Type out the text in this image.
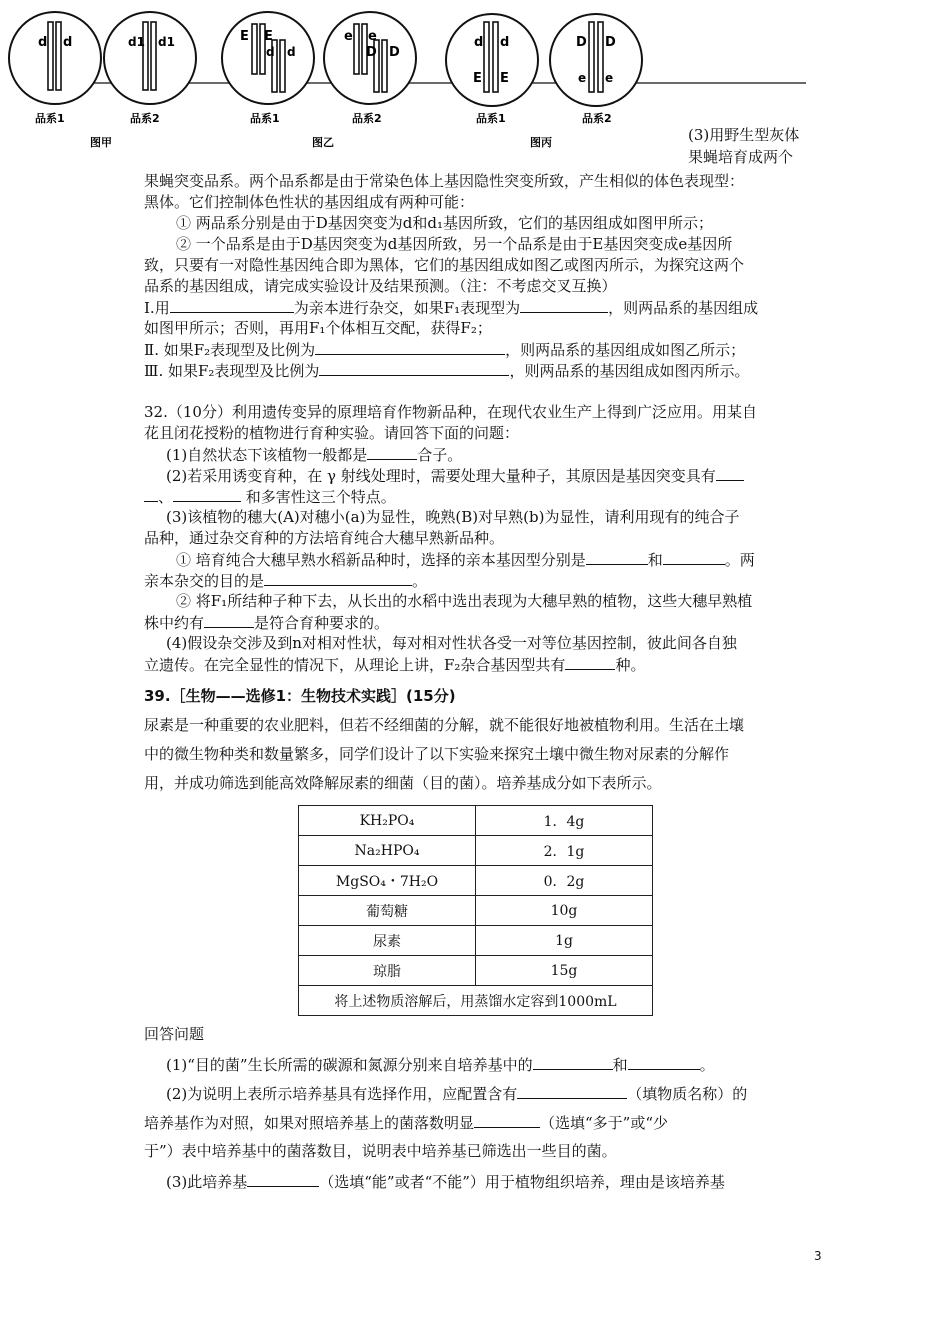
d d
品系1
d1 d1
品系2
E E
d d
品系1
e e
D D
品系2
d d
E E
品系1
D D
e e
品系2
图甲	图乙	图丙	(3)用野生型灰体果蝇培育成两个
果蝇突变品系。两个品系都是由于常染色体上基因隐性突变所致，产生相似的体色表现型：
黑体。它们控制体色性状的基因组成有两种可能：
① 两品系分别是由于D基因突变为d和d₁基因所致，它们的基因组成如图甲所示；
② 一个品系是由于D基因突变为d基因所致，另一个品系是由于E基因突变成e基因所
致，只要有一对隐性基因纯合即为黑体，它们的基因组成如图乙或图丙所示，为探究这两个
品系的基因组成，请完成实验设计及结果预测。（注：不考虑交叉互换）
Ⅰ.用	为亲本进行杂交，如果F₁表现型为	，则两品系的基因组成
如图甲所示；否则，再用F₁个体相互交配，获得F₂；
Ⅱ. 如果F₂表现型及比例为	，则两品系的基因组成如图乙所示；
Ⅲ. 如果F₂表现型及比例为	，则两品系的基因组成如图丙所示。
32.（10分）利用遗传变异的原理培育作物新品种，在现代农业生产上得到广泛应用。用某自
花且闭花授粉的植物进行育种实验。请回答下面的问题：
(1)自然状态下该植物一般都是	合子。
(2)若采用诱变育种，在 γ 射线处理时，需要处理大量种子，其原因是基因突变具有
、	和多害性这三个特点。
(3)该植物的穗大(A)对穗小(a)为显性，晚熟(B)对早熟(b)为显性，请利用现有的纯合子
品种，通过杂交育种的方法培育纯合大穗早熟新品种。
① 培育纯合大穗早熟水稻新品种时，选择的亲本基因型分别是	和	。两
亲本杂交的目的是	。
② 将F₁所结种子种下去，从长出的水稻中选出表现为大穗早熟的植物，这些大穗早熟植
株中约有	是符合育种要求的。
(4)假设杂交涉及到n对相对性状，每对相对性状各受一对等位基因控制，彼此间各自独
立遗传。在完全显性的情况下，从理论上讲，F₂杂合基因型共有	种。
39.［生物——选修1：生物技术实践］(15分)
尿素是一种重要的农业肥料，但若不经细菌的分解，就不能很好地被植物利用。生活在土壤
中的微生物种类和数量繁多，同学们设计了以下实验来探究土壤中微生物对尿素的分解作
用，并成功筛选到能高效降解尿素的细菌（目的菌）。培养基成分如下表所示。
KH₂PO₄	1．4g
Na₂HPO₄	2．1g
MgSO₄・7H₂O	0．2g
葡萄糖	10g
尿素	1g
琼脂	15g
将上述物质溶解后，用蒸馏水定容到1000mL	
回答问题
(1)“目的菌”生长所需的碳源和氮源分别来自培养基中的	和	。
(2)为说明上表所示培养基具有选择作用，应配置含有	（填物质名称）的
培养基作为对照，如果对照培养基上的菌落数明显	（选填“多于”或“少
于”）表中培养基中的菌落数目，说明表中培养基已筛选出一些目的菌。
(3)此培养基	（选填“能”或者“不能”）用于植物组织培养，理由是该培养基
3
